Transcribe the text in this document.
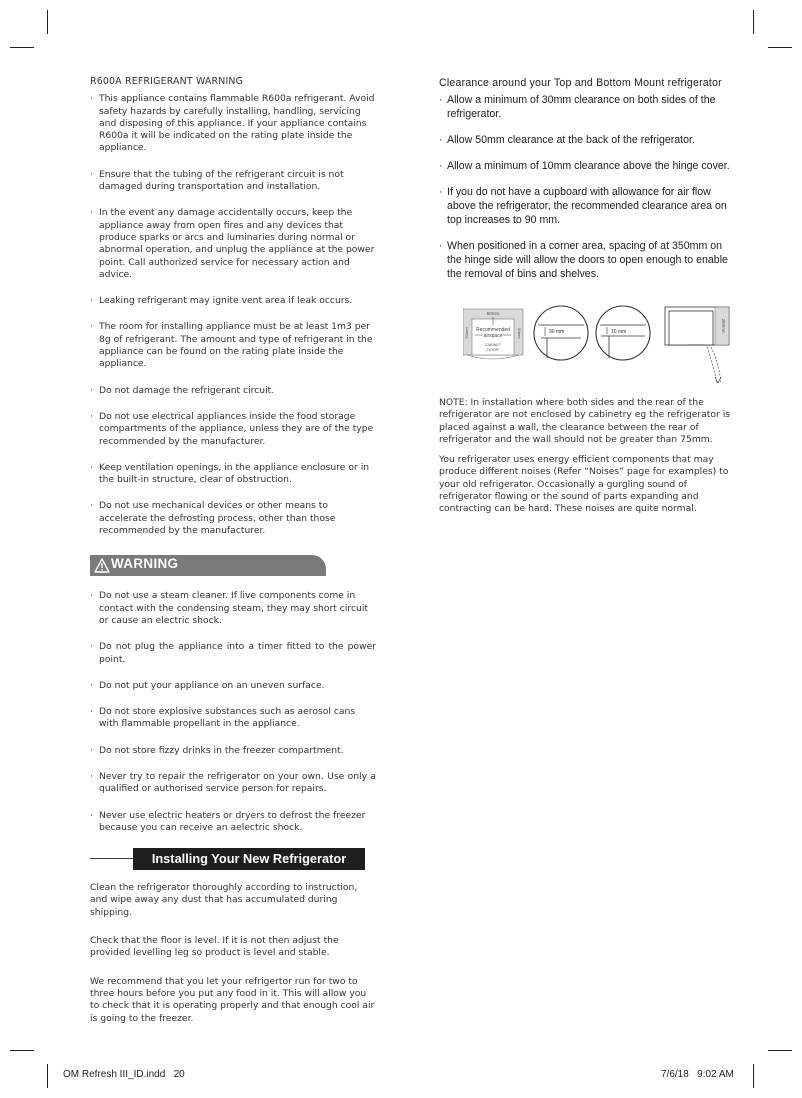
R600A REFRIGERANT WARNING
· This appliance contains flammable R600a refrigerant. Avoid safety hazards by carefully installing, handling, servicing and disposing of this appliance. If your appliance contains R600a it will be indicated on the rating plate inside the appliance.
· Ensure that the tubing of the refrigerant circuit is not damaged during transportation and installation.
· In the event any damage accidentally occurs, keep the appliance away from open fires and any devices that produce sparks or arcs and luminaries during normal or abnormal operation, and unplug the appliance at the power point. Call authorized service for necessary action and advice.
· Leaking refrigerant may ignite vent area if leak occurs.
· The room for installing appliance must be at least 1m3 per 8g of refrigerant. The amount and type of refrigerant in the appliance can be found on the rating plate inside the appliance.
· Do not damage the refrigerant circuit.
· Do not use electrical appliances inside the food storage compartments of the appliance, unless they are of the type recommended by the manufacturer.
· Keep ventilation openings, in the appliance enclosure or in the built-in structure, clear of obstruction.
· Do not use mechanical devices or other means to accelerate the defrosting process, other than those recommended by the manufacturer.
WARNING
· Do not use a steam cleaner. If live components come in contact with the condensing steam, they may short circuit or cause an electric shock.
· Do not plug the appliance into a timer fitted to the power point.
· Do not put your appliance on an uneven surface.
· Do not store explosive substances such as aerosol cans with flammable propellant in the appliance.
· Do not store fizzy drinks in the freezer compartment.
· Never try to repair the refrigerator on your own. Use only a qualified or authorised service person for repairs.
· Never use electric heaters or dryers to defrost the freezer because you can receive an aelectric shock.
Installing Your New Refrigerator
Clean the refrigerator thoroughly according to instruction, and wipe away any dust that has accumulated during shipping.
Check that the floor is level. If it is not then adjust the provided levelling leg so product is level and stable.
We recommend that you let your refrigertor run for two to three hours before you put any food in it. This will allow you to check that it is operating properly and that enough cool air is going to the freezer.
Clearance around your Top and Bottom Mount refrigerator
· Allow a minimum of 30mm clearance on both sides of the refrigerator.
· Allow 50mm clearance at the back of the refrigerator.
· Allow a minimum of 10mm clearance above the hinge cover.
· If you do not have a cupboard with allowance for air flow above the refrigerator, the recommended clearance area on top increases to 90 mm.
· When positioned in a corner area, spacing of at 350mm on the hinge side will allow the doors to open enough to enable the removal of bins and shelves.
50mm
30mm	30mm
Recommended
airspace
CABINET
DOOR
90 mm	10 mm	350mm
NOTE: In installation where both sides and the rear of the refrigerator are not enclosed by cabinetry eg the refrigerator is placed against a wall, the clearance between the rear of refrigerator and the wall should not be greater than 75mm.
You refrigerator uses energy efficient components that may produce different noises (Refer “Noises” page for examples) to your old refrigerator. Occasionally a gurgling sound of refrigerator flowing or the sound of parts expanding and contracting can be hard. These noises are quite normal.
OM Refresh III_ID.indd   20	7/6/18   9:02 AM
